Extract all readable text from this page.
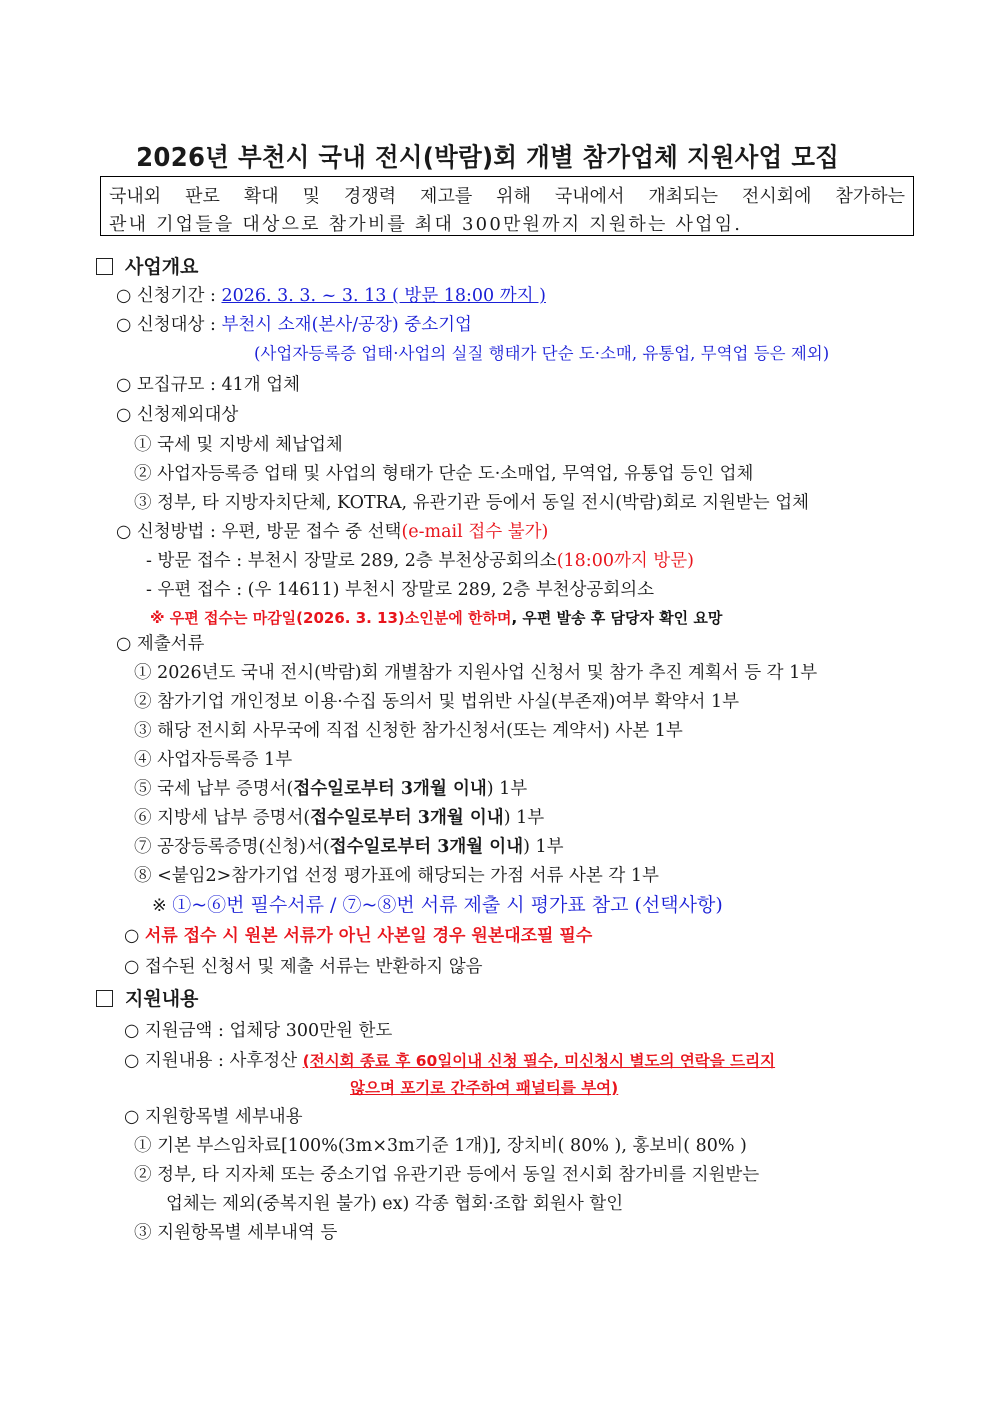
2026년 부천시 국내 전시(박람)회 개별 참가업체 지원사업 모집
국내외 판로 확대 및 경쟁력 제고를 위해 국내에서 개최되는 전시회에 참가하는
관내 기업들을 대상으로 참가비를 최대 300만원까지 지원하는 사업임.
사업개요
○ 신청기간 : 2026. 3. 3. ~ 3. 13 ( 방문 18:00 까지 )
○ 신청대상 : 부천시 소재(본사/공장) 중소기업
(사업자등록증 업태·사업의 실질 행태가 단순 도·소매, 유통업, 무역업 등은 제외)
○ 모집규모 : 41개 업체
○ 신청제외대상
① 국세 및 지방세 체납업체
② 사업자등록증 업태 및 사업의 형태가 단순 도·소매업, 무역업, 유통업 등인 업체
③ 정부, 타 지방자치단체, KOTRA, 유관기관 등에서 동일 전시(박람)회로 지원받는 업체
○ 신청방법 : 우편, 방문 접수 중 선택(e-mail 접수 불가)
- 방문 접수 : 부천시 장말로 289, 2층 부천상공회의소(18:00까지 방문)
- 우편 접수 : (우 14611) 부천시 장말로 289, 2층 부천상공회의소
※ 우편 접수는 마감일(2026. 3. 13)소인분에 한하며, 우편 발송 후 담당자 확인 요망
○ 제출서류
① 2026년도 국내 전시(박람)회 개별참가 지원사업 신청서 및 참가 추진 계획서 등 각 1부
② 참가기업 개인정보 이용·수집 동의서 및 법위반 사실(부존재)여부 확약서 1부
③ 해당 전시회 사무국에 직접 신청한 참가신청서(또는 계약서) 사본 1부
④ 사업자등록증 1부
⑤ 국세 납부 증명서(접수일로부터 3개월 이내) 1부
⑥ 지방세 납부 증명서(접수일로부터 3개월 이내) 1부
⑦ 공장등록증명(신청)서(접수일로부터 3개월 이내) 1부
⑧ <붙임2>참가기업 선정 평가표에 해당되는 가점 서류 사본 각 1부
※ ①~⑥번 필수서류 / ⑦~⑧번 서류 제출 시 평가표 참고 (선택사항)
○ 서류 접수 시 원본 서류가 아닌 사본일 경우 원본대조필 필수
○ 접수된 신청서 및 제출 서류는 반환하지 않음
지원내용
○ 지원금액 : 업체당 300만원 한도
○ 지원내용 : 사후정산 (전시회 종료 후 60일이내 신청 필수, 미신청시 별도의 연락을 드리지
않으며 포기로 간주하여 패널티를 부여)
○ 지원항목별 세부내용
① 기본 부스임차료[100%(3m×3m기준 1개)], 장치비( 80% ), 홍보비( 80% )
② 정부, 타 지자체 또는 중소기업 유관기관 등에서 동일 전시회 참가비를 지원받는
업체는 제외(중복지원 불가) ex) 각종 협회·조합 회원사 할인
③ 지원항목별 세부내역 등
